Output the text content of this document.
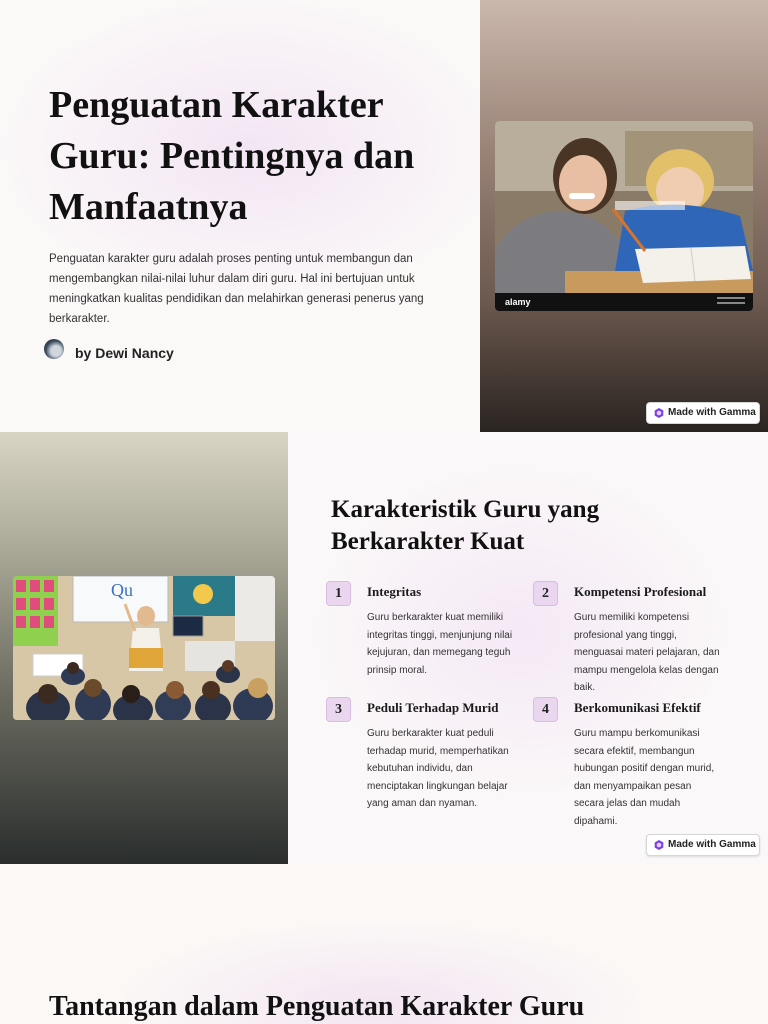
Penguatan Karakter Guru: Pentingnya dan Manfaatnya

Penguatan karakter guru adalah proses penting untuk membangun dan mengembangkan nilai-nilai luhur dalam diri guru. Hal ini bertujuan untuk meningkatkan kualitas pendidikan dan melahirkan generasi penerus yang berkarakter.

by Dewi Nancy
alamy
Made with Gamma
Qu
Karakteristik Guru yang Berkarakter Kuat
1	Integritas
Guru berkarakter kuat memiliki integritas tinggi, menjunjung nilai kejujuran, dan memegang teguh prinsip moral.
2	Kompetensi Profesional
Guru memiliki kompetensi profesional yang tinggi, menguasai materi pelajaran, dan mampu mengelola kelas dengan baik.
3	Peduli Terhadap Murid
Guru berkarakter kuat peduli terhadap murid, memperhatikan kebutuhan individu, dan menciptakan lingkungan belajar yang aman dan nyaman.
4	Berkomunikasi Efektif
Guru mampu berkomunikasi secara efektif, membangun hubungan positif dengan murid, dan menyampaikan pesan secara jelas dan mudah dipahami.
Made with Gamma
Tantangan dalam Penguatan Karakter Guru
